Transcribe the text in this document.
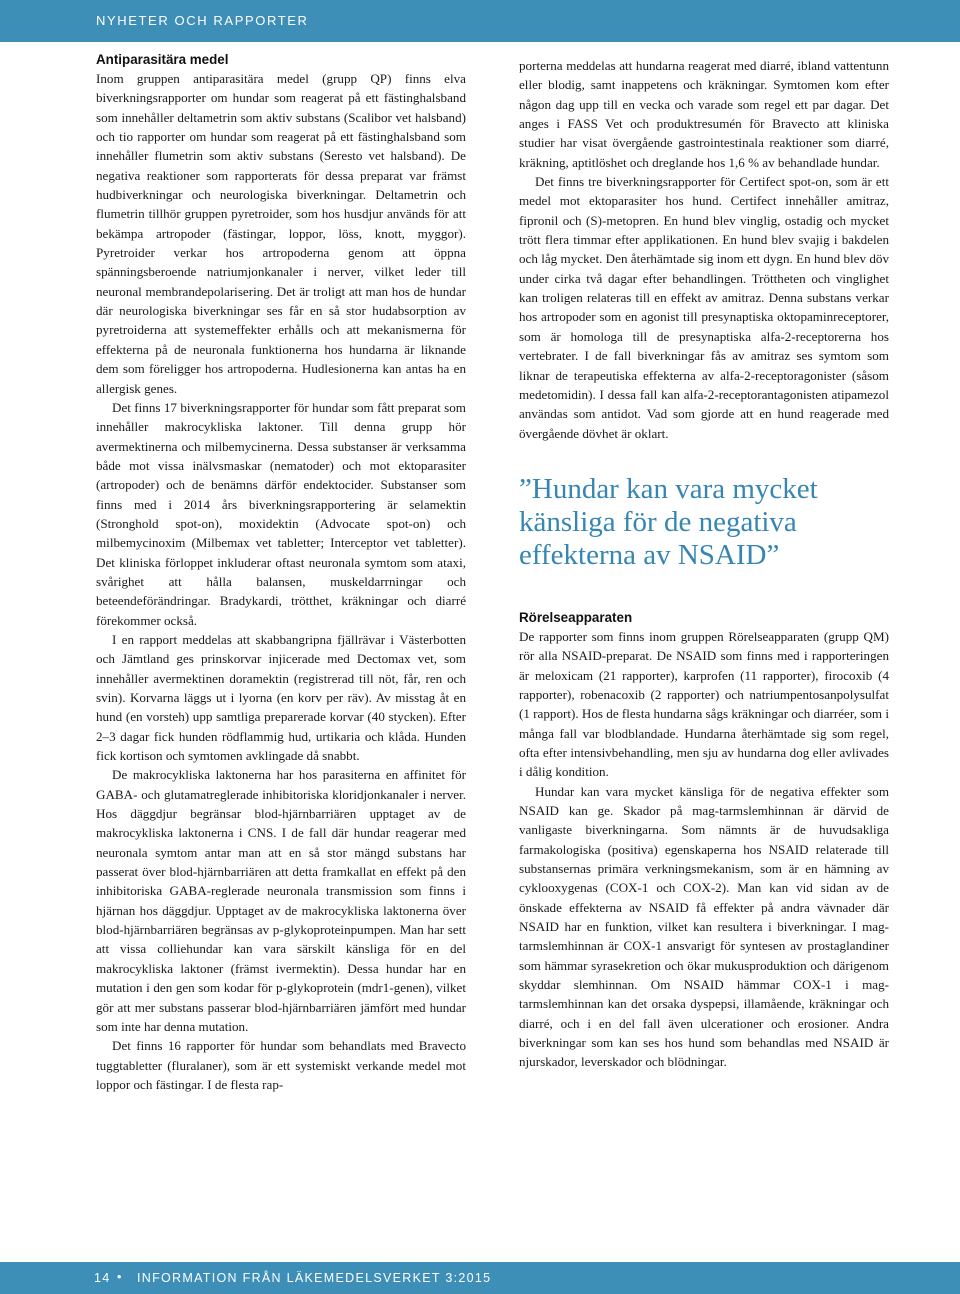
NYHETER OCH RAPPORTER
Antiparasitära medel

Inom gruppen antiparasitära medel (grupp QP) finns elva biverkningsrapporter om hundar som reagerat på ett fästinghalsband som innehåller deltametrin som aktiv substans (Scalibor vet halsband) och tio rapporter om hundar som reagerat på ett fästinghalsband som innehåller flumetrin som aktiv substans (Seresto vet halsband). De negativa reaktioner som rapporterats för dessa preparat var främst hudbiverkningar och neurologiska biverkningar. Deltametrin och flumetrin tillhör gruppen pyretroider, som hos husdjur används för att bekämpa artropoder (fästingar, loppor, löss, knott, myggor). Pyretroider verkar hos artropoderna genom att öppna spänningsberoende natriumjonkanaler i nerver, vilket leder till neuronal membrandepolarisering. Det är troligt att man hos de hundar där neurologiska biverkningar ses får en så stor hudabsorption av pyretroiderna att systemeffekter erhålls och att mekanismerna för effekterna på de neuronala funktionerna hos hundarna är liknande dem som föreligger hos artropoderna. Hudlesionerna kan antas ha en allergisk genes.

Det finns 17 biverkningsrapporter för hundar som fått preparat som innehåller makrocykliska laktoner. Till denna grupp hör avermektinerna och milbemycinerna. Dessa substanser är verksamma både mot vissa inälvsmaskar (nematoder) och mot ektoparasiter (artropoder) och de benämns därför endektocider. Substanser som finns med i 2014 års biverkningsrapportering är selamektin (Stronghold spot-on), moxidektin (Advocate spot-on) och milbemycinoxim (Milbemax vet tabletter; Interceptor vet tabletter). Det kliniska förloppet inkluderar oftast neuronala symtom som ataxi, svårighet att hålla balansen, muskeldarrningar och beteendeförändringar. Bradykardi, trötthet, kräkningar och diarré förekommer också.

I en rapport meddelas att skabbangripna fjällrävar i Västerbotten och Jämtland ges prinskorvar injicerade med Dectomax vet, som innehåller avermektinen doramektin (registrerad till nöt, får, ren och svin). Korvarna läggs ut i lyorna (en korv per räv). Av misstag åt en hund (en vorsteh) upp samtliga preparerade korvar (40 stycken). Efter 2–3 dagar fick hunden rödflammig hud, urtikaria och klåda. Hunden fick kortison och symtomen avklingade då snabbt.

De makrocykliska laktonerna har hos parasiterna en affinitet för GABA- och glutamatreglerade inhibitoriska kloridjonkanaler i nerver. Hos däggdjur begränsar blod-hjärnbarriären upptaget av de makrocykliska laktonerna i CNS. I de fall där hundar reagerar med neuronala symtom antar man att en så stor mängd substans har passerat över blod-hjärnbarriären att detta framkallat en effekt på den inhibitoriska GABA-reglerade neuronala transmission som finns i hjärnan hos däggdjur. Upptaget av de makrocykliska laktonerna över blod-hjärnbarriären begränsas av p-glykoproteinpumpen. Man har sett att vissa colliehundar kan vara särskilt känsliga för en del makrocykliska laktoner (främst ivermektin). Dessa hundar har en mutation i den gen som kodar för p-glykoprotein (mdr1-genen), vilket gör att mer substans passerar blod-hjärnbarriären jämfört med hundar som inte har denna mutation.

Det finns 16 rapporter för hundar som behandlats med Bravecto tuggtabletter (fluralaner), som är ett systemiskt verkande medel mot loppor och fästingar. I de flesta rap-

porterna meddelas att hundarna reagerat med diarré, ibland vattentunn eller blodig, samt inappetens och kräkningar. Symtomen kom efter någon dag upp till en vecka och varade som regel ett par dagar. Det anges i FASS Vet och produktresumén för Bravecto att kliniska studier har visat övergående gastrointestinala reaktioner som diarré, kräkning, aptitlöshet och dreglande hos 1,6 % av behandlade hundar.

Det finns tre biverkningsrapporter för Certifect spot-on, som är ett medel mot ektoparasiter hos hund. Certifect innehåller amitraz, fipronil och (S)-metopren. En hund blev vinglig, ostadig och mycket trött flera timmar efter applikationen. En hund blev svajig i bakdelen och låg mycket. Den återhämtade sig inom ett dygn. En hund blev döv under cirka två dagar efter behandlingen. Tröttheten och vinglighet kan troligen relateras till en effekt av amitraz. Denna substans verkar hos artropoder som en agonist till presynaptiska oktopaminreceptorer, som är homologa till de presynaptiska alfa-2-receptorerna hos vertebrater. I de fall biverkningar fås av amitraz ses symtom som liknar de terapeutiska effekterna av alfa-2-receptoragonister (såsom medetomidin). I dessa fall kan alfa-2-receptorantagonisten atipamezol användas som antidot. Vad som gjorde att en hund reagerade med övergående dövhet är oklart.

”Hundar kan vara mycket känsliga för de negativa effekterna av NSAID”
Rörelseapparaten

De rapporter som finns inom gruppen Rörelseapparaten (grupp QM) rör alla NSAID-preparat. De NSAID som finns med i rapporteringen är meloxicam (21 rapporter), karprofen (11 rapporter), firocoxib (4 rapporter), robenacoxib (2 rapporter) och natriumpentosanpolysulfat (1 rapport). Hos de flesta hundarna sågs kräkningar och diarréer, som i många fall var blodblandade. Hundarna återhämtade sig som regel, ofta efter intensivbehandling, men sju av hundarna dog eller avlivades i dålig kondition.

Hundar kan vara mycket känsliga för de negativa effekter som NSAID kan ge. Skador på mag-tarmslemhinnan är därvid de vanligaste biverkningarna. Som nämnts är de huvudsakliga farmakologiska (positiva) egenskaperna hos NSAID relaterade till substansernas primära verkningsmekanism, som är en hämning av cyklooxygenas (COX-1 och COX-2). Man kan vid sidan av de önskade effekterna av NSAID få effekter på andra vävnader där NSAID har en funktion, vilket kan resultera i biverkningar. I mag-tarmslemhinnan är COX-1 ansvarigt för syntesen av prostaglandiner som hämmar syrasekretion och ökar mukusproduktion och därigenom skyddar slemhinnan. Om NSAID hämmar COX-1 i mag-tarmslemhinnan kan det orsaka dyspepsi, illamående, kräkningar och diarré, och i en del fall även ulcerationer och erosioner. Andra biverkningar som kan ses hos hund som behandlas med NSAID är njurskador, leverskador och blödningar.

14 • INFORMATION FRÅN LÄKEMEDELSVERKET 3:2015
